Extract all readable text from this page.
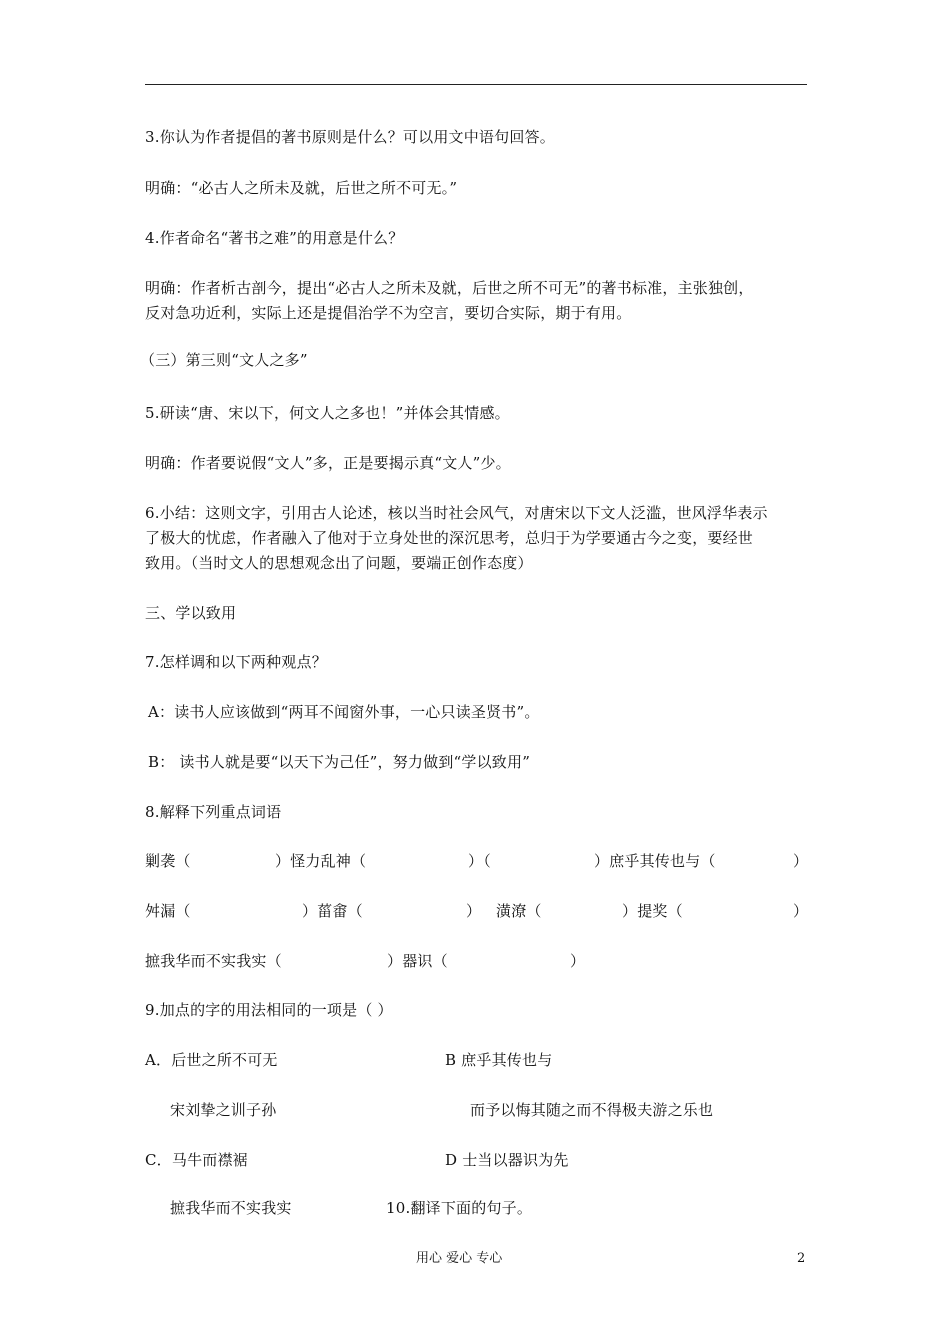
3.你认为作者提倡的著书原则是什么？可以用文中语句回答。
明确：“必古人之所未及就，后世之所不可无。”
4.作者命名“著书之难”的用意是什么？
明确：作者析古剖今，提出“必古人之所未及就，后世之所不可无”的著书标准，主张独创，
反对急功近利，实际上还是提倡治学不为空言，要切合实际，期于有用。
（三）第三则“文人之多”
5.研读“唐、宋以下，何文人之多也！”并体会其情感。
明确：作者要说假“文人”多，正是要揭示真“文人”少。
6.小结：这则文字，引用古人论述，核以当时社会风气，对唐宋以下文人泛滥，世风浮华表示
了极大的忧虑，作者融入了他对于立身处世的深沉思考，总归于为学要通古今之变，要经世
致用。（当时文人的思想观念出了问题，要端正创作态度）
三、学以致用
7.怎样调和以下两种观点？
A：读书人应该做到“两耳不闻窗外事，一心只读圣贤书”。
B： 读书人就是要“以天下为己任”，努力做到“学以致用”
8.解释下列重点词语
剿袭（	）怪力乱神（	）（	）庶乎其传也与（	）
舛漏（	）菑畬（	） 潢潦（	）提奖（	）
摭我华而不实我实（	）器识（	）
9.加点的字的用法相同的一项是（ ）
A．后世之所不可无	B 庶乎其传也与
宋刘挚之训子孙	而予以悔其随之而不得极夫游之乐也
C．马牛而襟裾	D 士当以器识为先
摭我华而不实我实	10.翻译下面的句子。
用心 爱心 专心	2
